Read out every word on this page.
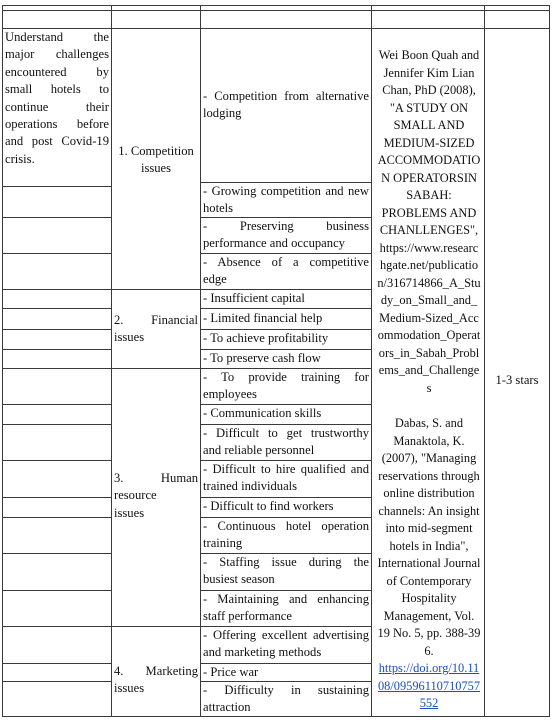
Understand the
major challenges
encountered by
small hotels to
continue their
operations before
and post Covid-19
crisis.
1. Competition
issues
2. Financial
issues
3. Human
resource
issues
4. Marketing
issues
- Competition from alternative
lodging
- Growing competition and new
hotels
- Preserving business
performance and occupancy
- Absence of a competitive
edge
- Insufficient capital
- Limited financial help
- To achieve profitability
- To preserve cash flow
- To provide training for
employees
- Communication skills
- Difficult to get trustworthy
and reliable personnel
- Difficult to hire qualified and
trained individuals
- Difficult to find workers
- Continuous hotel operation
training
- Staffing issue during the
busiest season
- Maintaining and enhancing
staff performance
- Offering excellent advertising
and marketing methods
- Price war
- Difficulty in sustaining
attraction
Wei Boon Quah and
Jennifer Kim Lian
Chan, PhD (2008),
"A STUDY ON
SMALL AND
MEDIUM-SIZED
ACCOMMODATIO
N OPERATORSIN
SABAH:
PROBLEMS AND
CHANLLENGES",
https://www.researc
hgate.net/publicatio
n/316714866_A_Stu
dy_on_Small_and_
Medium-Sized_Acc
ommodation_Operat
ors_in_Sabah_Probl
ems_and_Challenge
s
Dabas, S. and
Manaktola, K.
(2007), "Managing
reservations through
online distribution
channels: An insight
into mid-segment
hotels in India",
International Journal
of Contemporary
Hospitality
Management, Vol.
19 No. 5, pp. 388-396.
https://doi.org/10.11
08/09596110710757
552
1-3 stars
